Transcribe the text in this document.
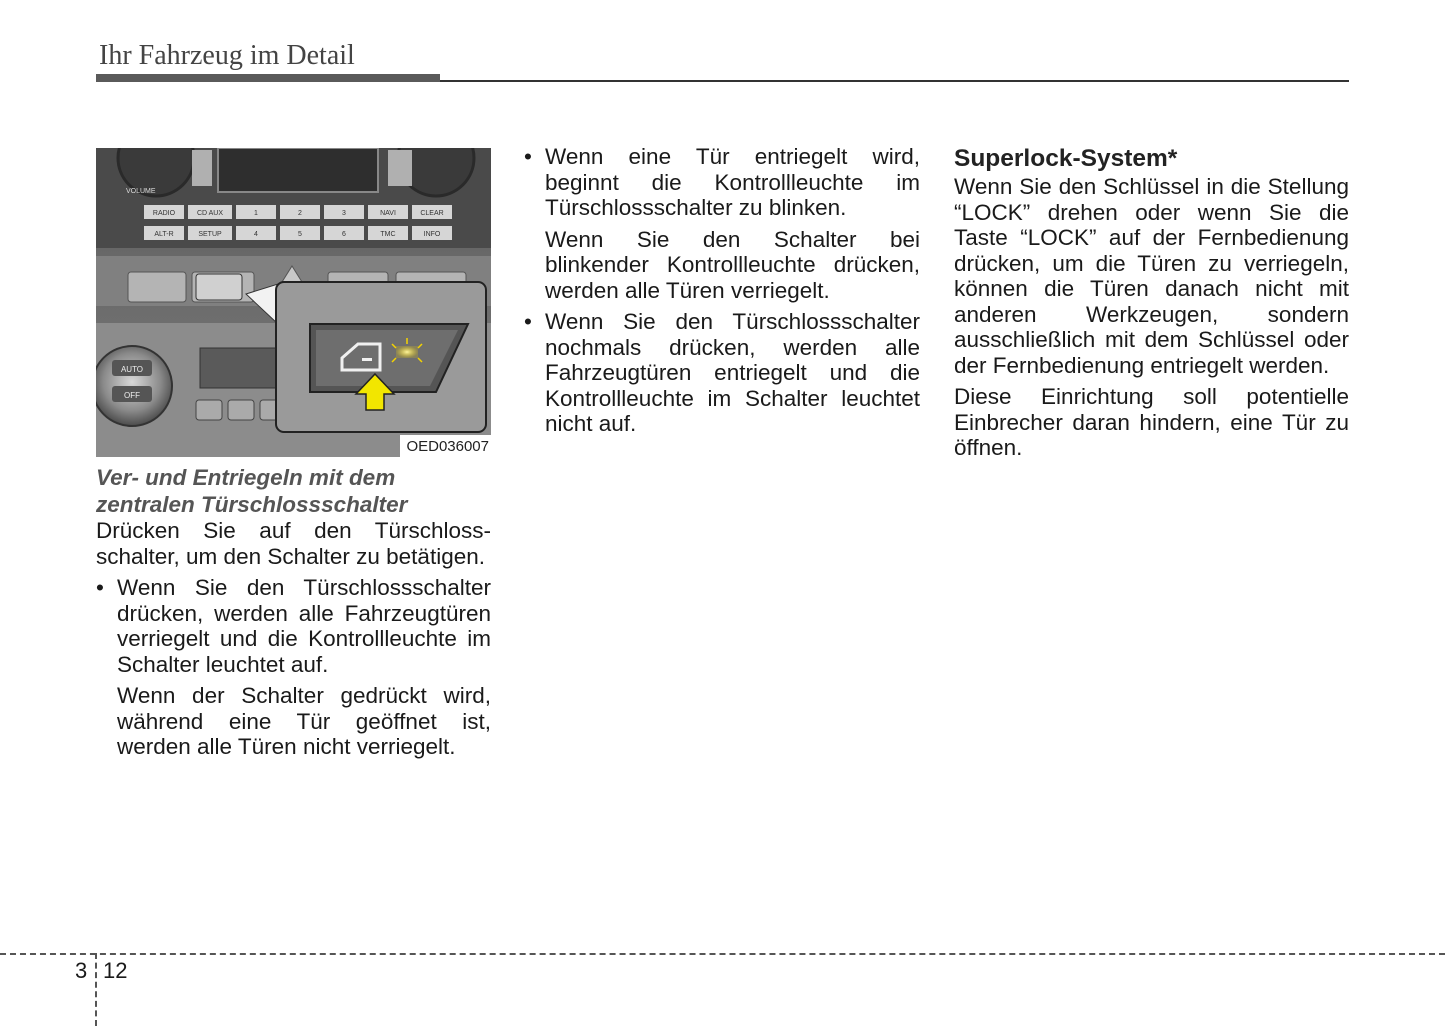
Ihr Fahrzeug im Detail
VOLUME
RADIO	CD AUX	1	2	3	NAVI	CLEAR
ALT-R	SETUP	4	5	6	TMC	INFO
AUTO
OFF
OED036007

Ver- und Entriegeln mit dem
zentralen Türschlossschalter

Drücken Sie auf den Türschlossschalter, um den Schalter zu betätigen.

• Wenn Sie den Türschlossschalter drücken, werden alle Fahrzeugtüren verriegelt und die Kontrollleuchte im Schalter leuchtet auf.

Wenn der Schalter gedrückt wird, während eine Tür geöffnet ist, werden alle Türen nicht verriegelt.

• Wenn eine Tür entriegelt wird, beginnt die Kontrollleuchte im Türschlossschalter zu blinken.

Wenn Sie den Schalter bei blinkender Kontrollleuchte drücken, werden alle Türen verriegelt.

• Wenn Sie den Türschlossschalter nochmals drücken, werden alle Fahrzeugtüren entriegelt und die Kontrollleuchte im Schalter leuchtet nicht auf.

Superlock-System*

Wenn Sie den Schlüssel in die Stellung “LOCK” drehen oder wenn Sie die Taste “LOCK” auf der Fernbedienung drücken, um die Türen zu verriegeln, können die Türen danach nicht mit anderen Werkzeugen, sondern ausschließlich mit dem Schlüssel oder der Fernbedienung entriegelt werden.

Diese Einrichtung soll potentielle Einbrecher daran hindern, eine Tür zu öffnen.

3 12
